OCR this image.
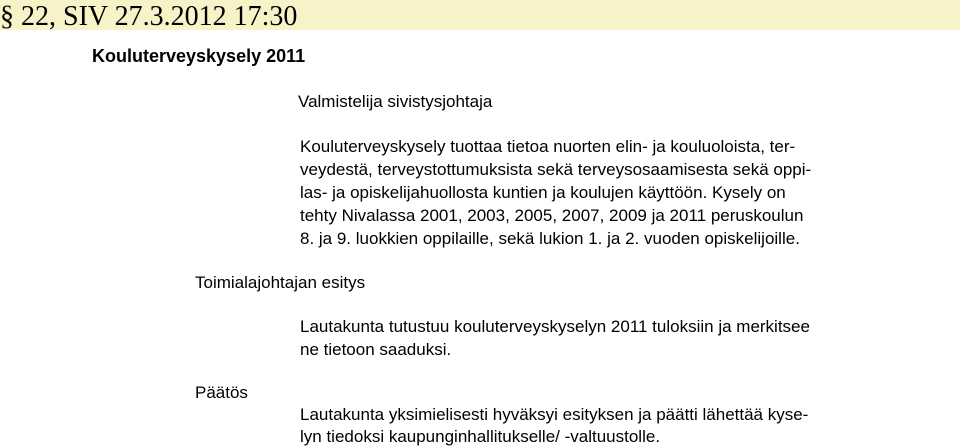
§ 22, SIV 27.3.2012 17:30
Kouluterveyskysely 2011
Valmistelija sivistysjohtaja
Kouluterveyskysely tuottaa tietoa nuorten elin- ja kouluoloista, ter-
veydestä, terveystottumuksista sekä terveysosaamisesta sekä oppi-
las- ja opiskelijahuollosta kuntien ja koulujen käyttöön. Kysely on
tehty Nivalassa 2001, 2003, 2005, 2007, 2009 ja 2011 peruskoulun
8. ja 9. luokkien oppilaille, sekä lukion 1. ja 2. vuoden opiskelijoille.
Toimialajohtajan esitys
Lautakunta tutustuu kouluterveyskyselyn 2011 tuloksiin ja merkitsee
ne tietoon saaduksi.
Päätös
Lautakunta yksimielisesti hyväksyi esityksen ja päätti lähettää kyse-
lyn tiedoksi kaupunginhallitukselle/ -valtuustolle.
